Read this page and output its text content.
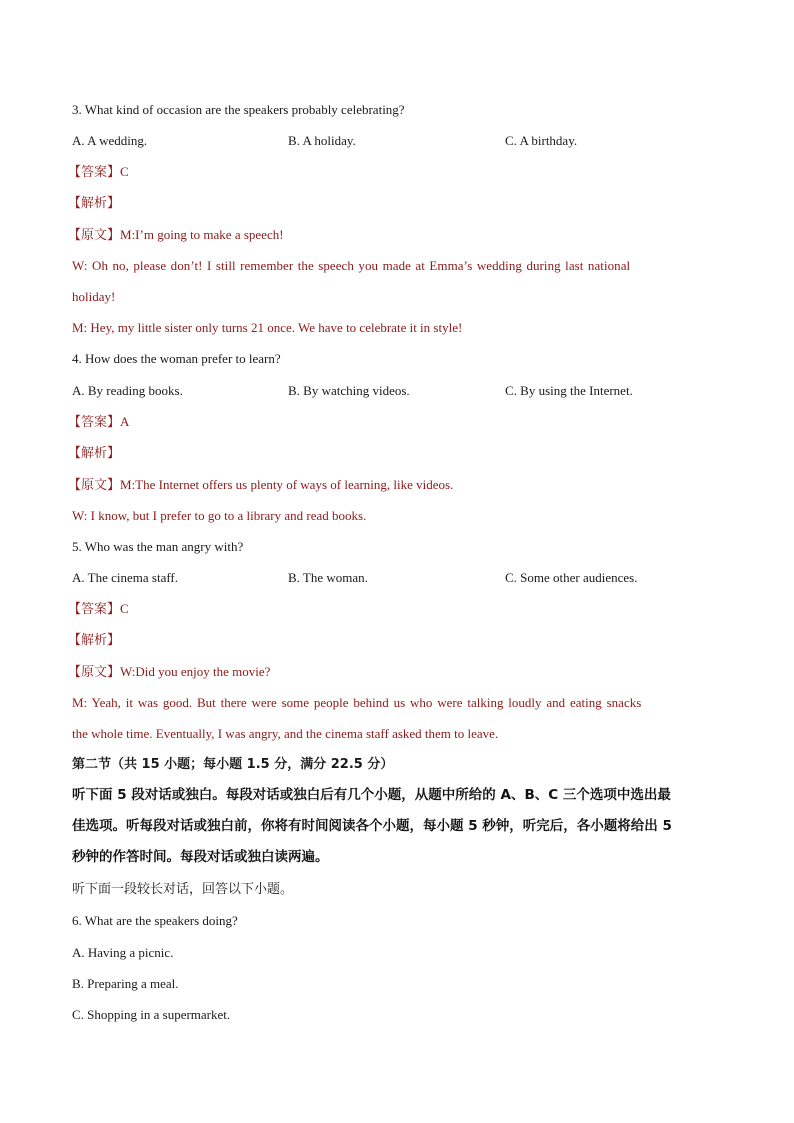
3. What kind of occasion are the speakers probably celebrating?
A. A wedding.	B. A holiday.	C. A birthday.
【答案】C
【解析】
【原文】M:I’m going to make a speech!
W: Oh no, please don’t! I still remember the speech you made at Emma’s wedding during last national
holiday!
M: Hey, my little sister only turns 21 once. We have to celebrate it in style!
4. How does the woman prefer to learn?
A. By reading books.	B. By watching videos.	C. By using the Internet.
【答案】A
【解析】
【原文】M:The Internet offers us plenty of ways of learning, like videos.
W: I know, but I prefer to go to a library and read books.
5. Who was the man angry with?
A. The cinema staff.	B. The woman.	C. Some other audiences.
【答案】C
【解析】
【原文】W:Did you enjoy the movie?
M: Yeah, it was good. But there were some people behind us who were talking loudly and eating snacks
the whole time. Eventually, I was angry, and the cinema staff asked them to leave.
第二节（共 15 小题；每小题 1.5 分，满分 22.5 分）
听下面 5 段对话或独白。每段对话或独白后有几个小题，从题中所给的 A、B、C 三个选项中选出最佳选项。听每段对话或独白前，你将有时间阅读各个小题，每小题 5 秒钟，听完后，各小题将给出 5 秒钟的作答时间。每段对话或独白读两遍。
听下面一段较长对话，回答以下小题。
6. What are the speakers doing?
A. Having a picnic.
B. Preparing a meal.
C. Shopping in a supermarket.
